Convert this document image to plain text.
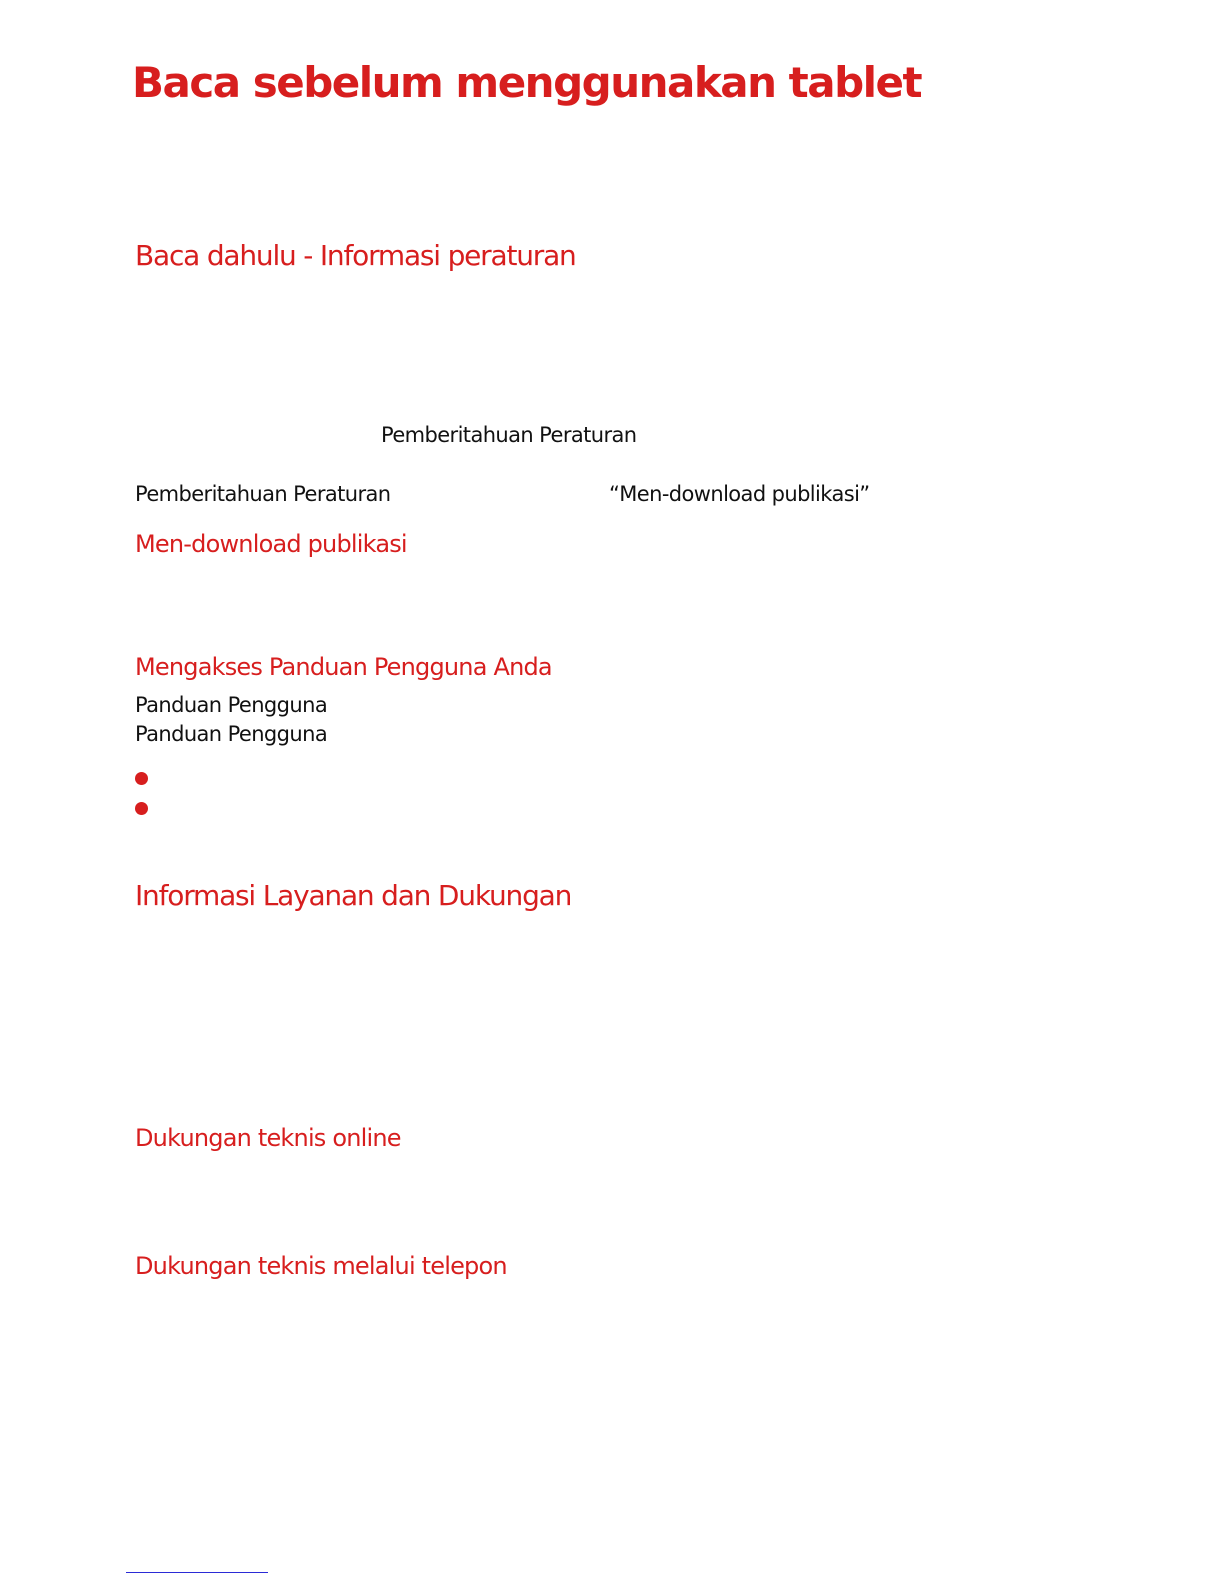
Baca sebelum menggunakan tablet
Baca dahulu - Informasi peraturan
Pemberitahuan Peraturan
Pemberitahuan Peraturan	“Men-download publikasi”
Men-download publikasi
Mengakses Panduan Pengguna Anda
Panduan Pengguna
Panduan Pengguna
Informasi Layanan dan Dukungan
Dukungan teknis online
Dukungan teknis melalui telepon
